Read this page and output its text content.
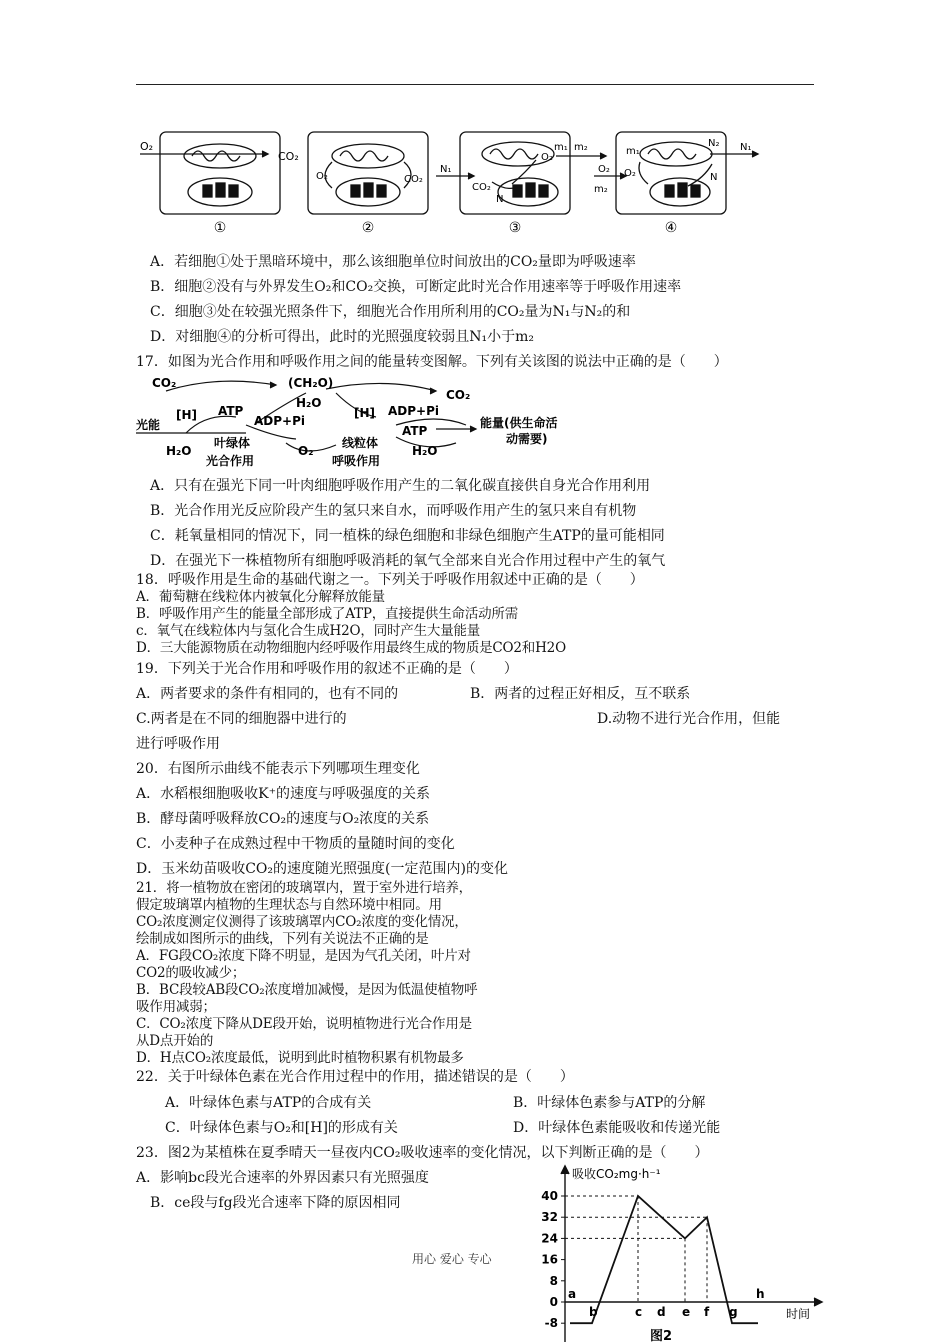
O₂
CO₂
①
O₂	CO₂
②
m₁ m₂
O₂
N₁
CO₂
N
③
m₁
N₂ N₁
O₂ O₂
m₂
N
④
A．若细胞①处于黑暗环境中，那么该细胞单位时间放出的CO₂量即为呼吸速率
B．细胞②没有与外界发生O₂和CO₂交换，可断定此时光合作用速率等于呼吸作用速率
C．细胞③处在较强光照条件下，细胞光合作用所利用的CO₂量为N₁与N₂的和
D．对细胞④的分析可得出，此时的光照强度较弱且N₁小于m₂
17．如图为光合作用和呼吸作用之间的能量转变图解。下列有关该图的说法中正确的是（　　）
CO₂	(CH₂O)
CO₂
[H] ATP
H₂O
ADP+Pi
[H] ADP+Pi
ATP
光能
叶绿体
光合作用
O₂
线粒体
呼吸作用
H₂O	H₂O
能量(供生命活
动需要)
A．只有在强光下同一叶肉细胞呼吸作用产生的二氧化碳直接供自身光合作用利用
B．光合作用光反应阶段产生的氢只来自水，而呼吸作用产生的氢只来自有机物
C．耗氧量相同的情况下，同一植株的绿色细胞和非绿色细胞产生ATP的量可能相同
D．在强光下一株植物所有细胞呼吸消耗的氧气全部来自光合作用过程中产生的氧气
18．呼吸作用是生命的基础代谢之一。下列关于呼吸作用叙述中正确的是（　　）
A．葡萄糖在线粒体内被氧化分解释放能量
B．呼吸作用产生的能量全部形成了ATP，直接提供生命活动所需
c．氧气在线粒体内与氢化合生成H2O，同时产生大量能量
D．三大能源物质在动物细胞内经呼吸作用最终生成的物质是CO2和H2O
19．下列关于光合作用和呼吸作用的叙述不正确的是（　　）
A．两者要求的条件有相同的，也有不同的	B．两者的过程正好相反，互不联系
C.两者是在不同的细胞器中进行的	D.动物不进行光合作用，但能
进行呼吸作用
20．右图所示曲线不能表示下列哪项生理变化
A．水稻根细胞吸收K⁺的速度与呼吸强度的关系
B．酵母菌呼吸释放CO₂的速度与O₂浓度的关系
C．小麦种子在成熟过程中干物质的量随时间的变化
D．玉米幼苗吸收CO₂的速度随光照强度(一定范围内)的变化
21．将一植物放在密闭的玻璃罩内，置于室外进行培养，
假定玻璃罩内植物的生理状态与自然环境中相同。用
CO₂浓度测定仪测得了该玻璃罩内CO₂浓度的变化情况，
绘制成如图所示的曲线，下列有关说法不正确的是
A．FG段CO₂浓度下降不明显，是因为气孔关闭，叶片对
CO2的吸收减少；
B．BC段较AB段CO₂浓度增加减慢，是因为低温使植物呼
吸作用减弱；
C．CO₂浓度下降从DE段开始，说明植物进行光合作用是
从D点开始的
D．H点CO₂浓度最低，说明到此时植物积累有机物最多
22．关于叶绿体色素在光合作用过程中的作用，描述错误的是（　　）
A．叶绿体色素与ATP的合成有关	B．叶绿体色素参与ATP的分解
C．叶绿体色素与O₂和[H]的形成有关	D．叶绿体色素能吸收和传递光能
23．图2为某植株在夏季晴天一昼夜内CO₂吸收速率的变化情况，以下判断正确的是（　　）
A．影响bc段光合速率的外界因素只有光照强度
B．ce段与fg段光合速率下降的原因相同
用心 爱心 专心
40
32
24
16
8
0
-8
a
b	c d e f g
h
吸收CO₂mg·h⁻¹
时间
图2
